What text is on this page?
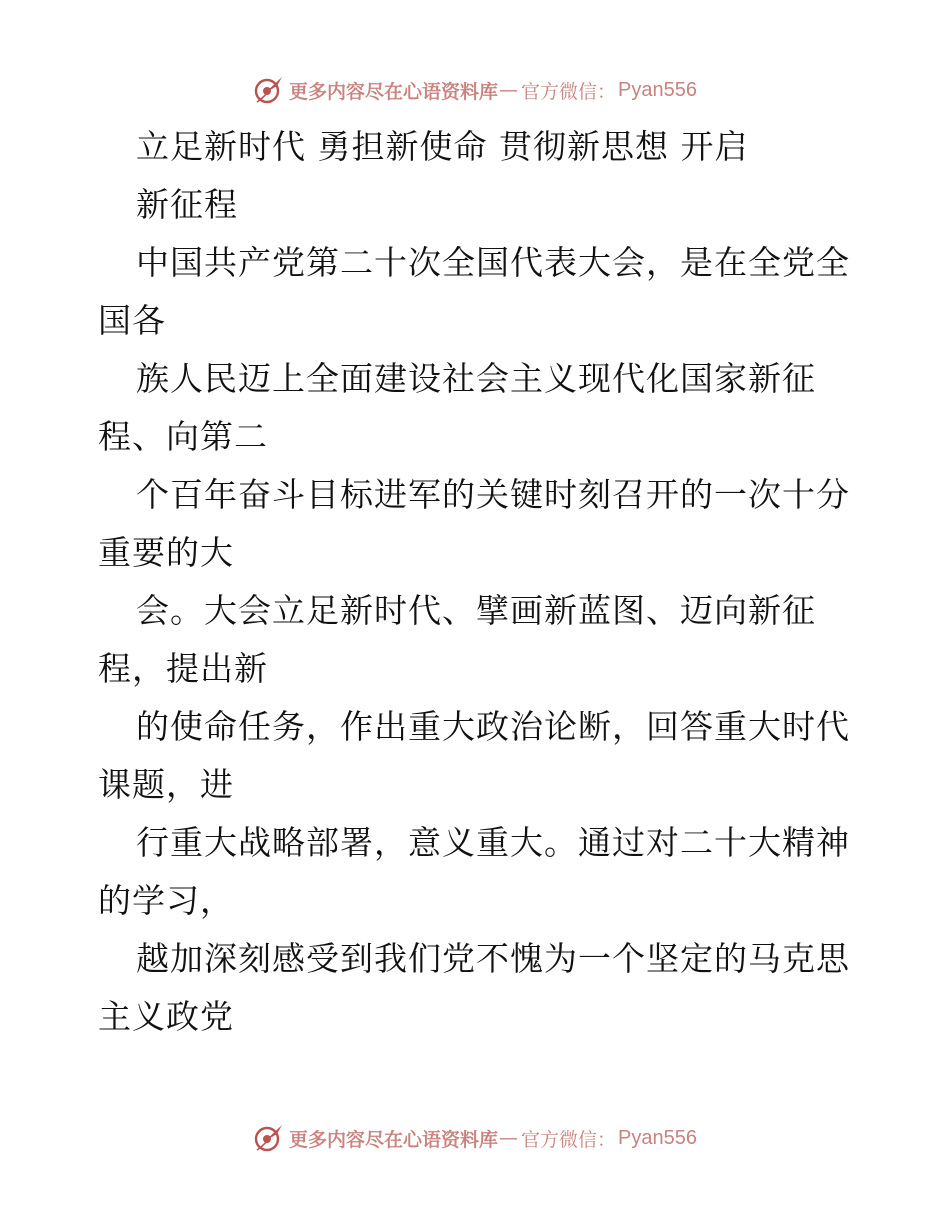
更多内容尽在心语资料库 — 官方微信： Pyan556
立足新时代 勇担新使命 贯彻新思想 开启
新征程
中国共产党第二十次全国代表大会，是在全党全
国各
族人民迈上全面建设社会主义现代化国家新征
程、向第二
个百年奋斗目标进军的关键时刻召开的一次十分
重要的大
会。大会立足新时代、擘画新蓝图、迈向新征
程，提出新
的使命任务，作出重大政治论断，回答重大时代
课题，进
行重大战略部署，意义重大。通过对二十大精神
的学习，
越加深刻感受到我们党不愧为一个坚定的马克思
主义政党
更多内容尽在心语资料库 — 官方微信： Pyan556
